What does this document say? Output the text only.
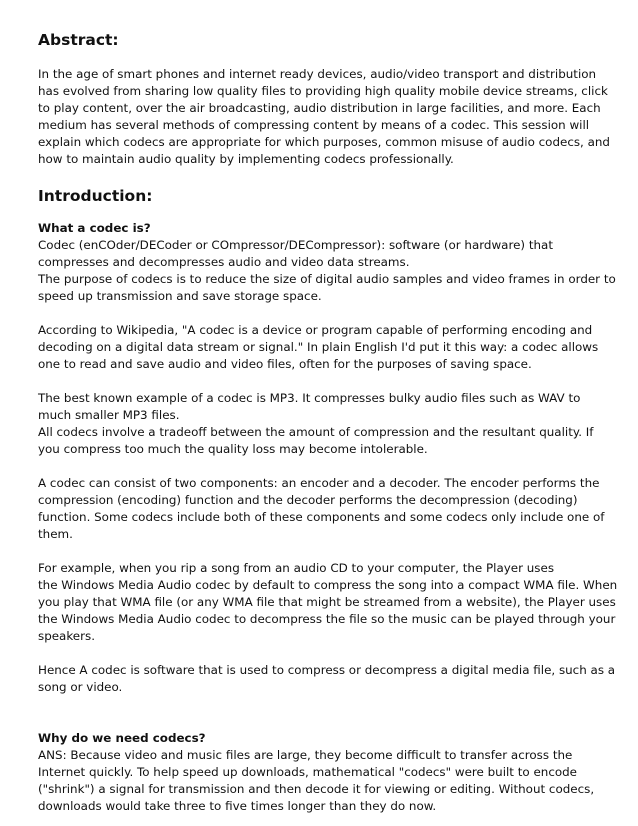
Abstract:

In the age of smart phones and internet ready devices, audio/video transport and distribution
has evolved from sharing low quality files to providing high quality mobile device streams, click
to play content, over the air broadcasting, audio distribution in large facilities, and more. Each
medium has several methods of compressing content by means of a codec. This session will
explain which codecs are appropriate for which purposes, common misuse of audio codecs, and
how to maintain audio quality by implementing codecs professionally.

Introduction:

What a codec is?
Codec (enCOder/DECoder or COmpressor/DECompressor): software (or hardware) that
compresses and decompresses audio and video data streams.
The purpose of codecs is to reduce the size of digital audio samples and video frames in order to
speed up transmission and save storage space.

According to Wikipedia, "A codec is a device or program capable of performing encoding and
decoding on a digital data stream or signal." In plain English I'd put it this way: a codec allows
one to read and save audio and video files, often for the purposes of saving space.

The best known example of a codec is MP3. It compresses bulky audio files such as WAV to
much smaller MP3 files.
All codecs involve a tradeoff between the amount of compression and the resultant quality. If
you compress too much the quality loss may become intolerable.

A codec can consist of two components: an encoder and a decoder. The encoder performs the
compression (encoding) function and the decoder performs the decompression (decoding)
function. Some codecs include both of these components and some codecs only include one of
them.

For example, when you rip a song from an audio CD to your computer, the Player uses
the Windows Media Audio codec by default to compress the song into a compact WMA file. When
you play that WMA file (or any WMA file that might be streamed from a website), the Player uses
the Windows Media Audio codec to decompress the file so the music can be played through your
speakers.

Hence A codec is software that is used to compress or decompress a digital media file, such as a
song or video.

Why do we need codecs?
ANS: Because video and music files are large, they become difficult to transfer across the
Internet quickly. To help speed up downloads, mathematical "codecs" were built to encode
("shrink") a signal for transmission and then decode it for viewing or editing. Without codecs,
downloads would take three to five times longer than they do now.
